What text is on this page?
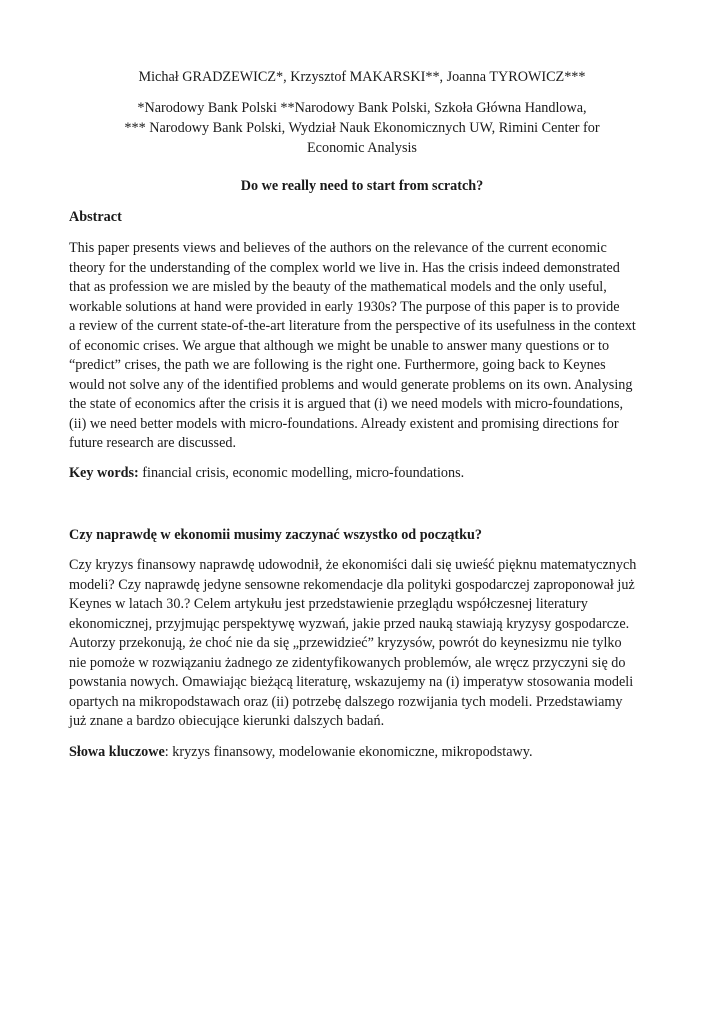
Michał GRADZEWICZ*, Krzysztof MAKARSKI**, Joanna TYROWICZ***
*Narodowy Bank Polski **Narodowy Bank Polski, Szkoła Główna Handlowa,
*** Narodowy Bank Polski, Wydział Nauk Ekonomicznych UW, Rimini Center for
Economic Analysis
Do we really need to start from scratch?
Abstract
This paper presents views and believes of the authors on the relevance of the current economic
theory for the understanding of the complex world we live in. Has the crisis indeed demonstrated
that as profession we are misled by the beauty of the mathematical models and the only useful,
workable solutions at hand were provided in early 1930s? The purpose of this paper is to provide
a review of the current state-of-the-art literature from the perspective of its usefulness in the context
of economic crises. We argue that although we might be unable to answer many questions or to
“predict” crises, the path we are following is the right one. Furthermore, going back to Keynes
would not solve any of the identified problems and would generate problems on its own. Analysing
the state of economics after the crisis it is argued that (i) we need models with micro-foundations,
(ii) we need better models with micro-foundations. Already existent and promising directions for
future research are discussed.
Key words: financial crisis, economic modelling, micro-foundations.
Czy naprawdę w ekonomii musimy zaczynać wszystko od początku?
Czy kryzys finansowy naprawdę udowodnił, że ekonomiści dali się uwieść pięknu matematycznych
modeli? Czy naprawdę jedyne sensowne rekomendacje dla polityki gospodarczej zaproponował już
Keynes w latach 30.? Celem artykułu jest przedstawienie przeglądu współczesnej literatury
ekonomicznej, przyjmując perspektywę wyzwań, jakie przed nauką stawiają kryzysy gospodarcze.
Autorzy przekonują, że choć nie da się „przewidzieć” kryzysów, powrót do keynesizmu nie tylko
nie pomoże w rozwiązaniu żadnego ze zidentyfikowanych problemów, ale wręcz przyczyni się do
powstania nowych. Omawiając bieżącą literaturę, wskazujemy na (i) imperatyw stosowania modeli
opartych na mikropodstawach oraz (ii) potrzebę dalszego rozwijania tych modeli. Przedstawiamy
już znane a bardzo obiecujące kierunki dalszych badań.
Słowa kluczowe: kryzys finansowy, modelowanie ekonomiczne, mikropodstawy.
